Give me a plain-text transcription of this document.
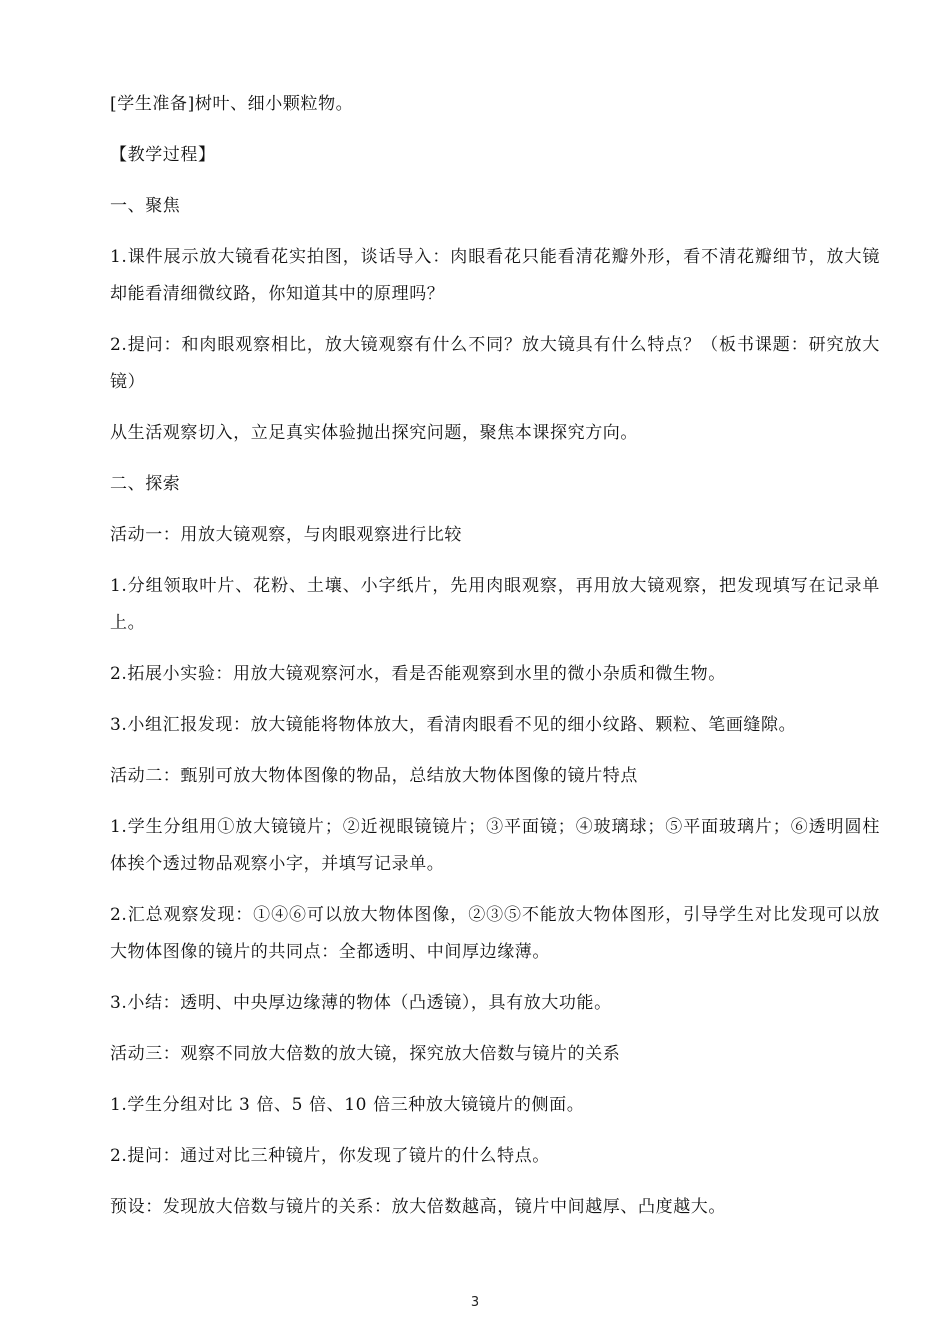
[学生准备]树叶、细小颗粒物。

【教学过程】

一、聚焦

1.课件展示放大镜看花实拍图，谈话导入：肉眼看花只能看清花瓣外形，看不清花瓣细节，放大镜却能看清细微纹路，你知道其中的原理吗？

2.提问：和肉眼观察相比，放大镜观察有什么不同？放大镜具有什么特点？（板书课题：研究放大镜）

从生活观察切入，立足真实体验抛出探究问题，聚焦本课探究方向。

二、探索

活动一：用放大镜观察，与肉眼观察进行比较

1.分组领取叶片、花粉、土壤、小字纸片，先用肉眼观察，再用放大镜观察，把发现填写在记录单上。

2.拓展小实验：用放大镜观察河水，看是否能观察到水里的微小杂质和微生物。

3.小组汇报发现：放大镜能将物体放大，看清肉眼看不见的细小纹路、颗粒、笔画缝隙。

活动二：甄别可放大物体图像的物品，总结放大物体图像的镜片特点

1.学生分组用①放大镜镜片；②近视眼镜镜片；③平面镜；④玻璃球；⑤平面玻璃片；⑥透明圆柱体挨个透过物品观察小字，并填写记录单。

2.汇总观察发现：①④⑥可以放大物体图像，②③⑤不能放大物体图形，引导学生对比发现可以放大物体图像的镜片的共同点：全都透明、中间厚边缘薄。

3.小结：透明、中央厚边缘薄的物体（凸透镜），具有放大功能。

活动三：观察不同放大倍数的放大镜，探究放大倍数与镜片的关系

1.学生分组对比 3 倍、5 倍、10 倍三种放大镜镜片的侧面。

2.提问：通过对比三种镜片，你发现了镜片的什么特点。

预设：发现放大倍数与镜片的关系：放大倍数越高，镜片中间越厚、凸度越大。

3
